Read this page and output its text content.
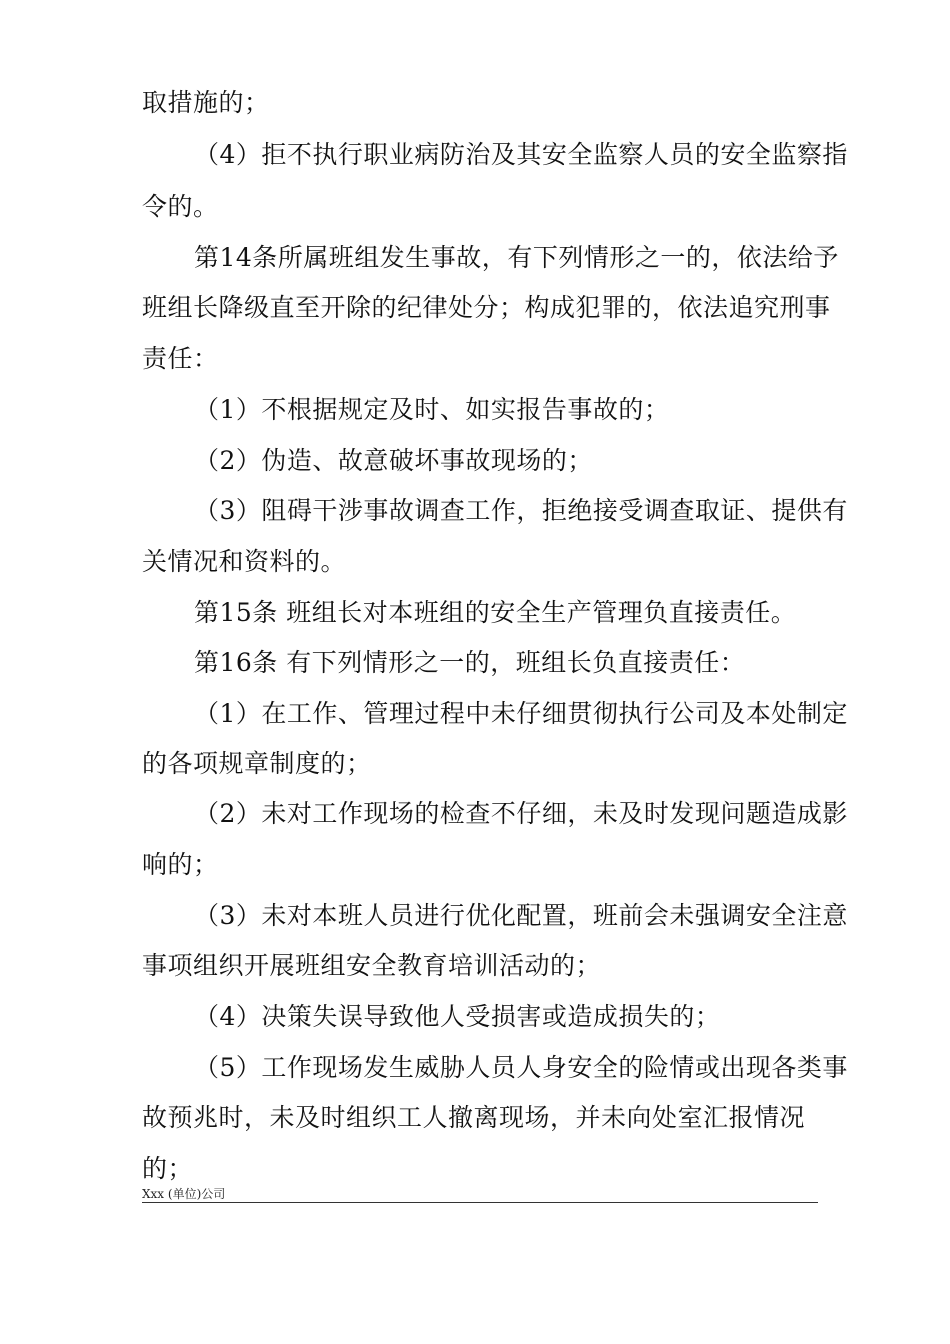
取措施的；
（4）拒不执行职业病防治及其安全监察人员的安全监察指
令的。
第14条所属班组发生事故，有下列情形之一的，依法给予
班组长降级直至开除的纪律处分；构成犯罪的，依法追究刑事
责任：
（1）不根据规定及时、如实报告事故的；
（2）伪造、故意破坏事故现场的；
（3）阻碍干涉事故调查工作，拒绝接受调查取证、提供有
关情况和资料的。
第15条 班组长对本班组的安全生产管理负直接责任。
第16条 有下列情形之一的，班组长负直接责任：
（1）在工作、管理过程中未仔细贯彻执行公司及本处制定
的各项规章制度的；
（2）未对工作现场的检查不仔细，未及时发现问题造成影
响的；
（3）未对本班人员进行优化配置，班前会未强调安全注意
事项组织开展班组安全教育培训活动的；
（4）决策失误导致他人受损害或造成损失的；
（5）工作现场发生威胁人员人身安全的险情或出现各类事
故预兆时，未及时组织工人撤离现场，并未向处室汇报情况
的；
Xxx (单位)公司
